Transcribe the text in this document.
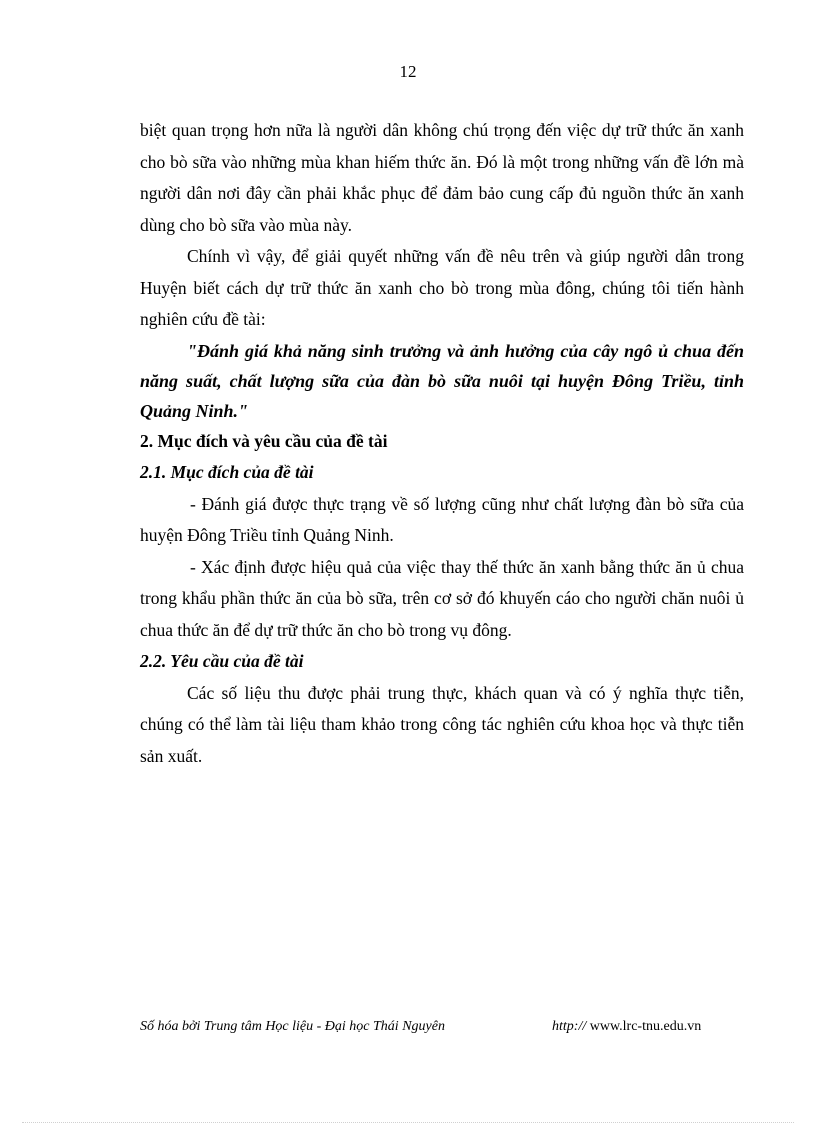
12

biệt quan trọng hơn nữa là người dân không chú trọng đến việc dự trữ thức ăn xanh cho bò sữa vào những mùa khan hiếm thức ăn. Đó là một trong những vấn đề lớn mà người dân nơi đây cần phải khắc phục để đảm bảo cung cấp đủ nguồn thức ăn xanh dùng cho bò sữa vào mùa này.

Chính vì vậy, để giải quyết những vấn đề nêu trên và giúp người dân trong Huyện biết cách dự trữ thức ăn xanh cho bò trong mùa đông, chúng tôi tiến hành nghiên cứu đề tài:

"Đánh giá khả năng sinh trưởng và ảnh hưởng của cây ngô ủ chua đến năng suất, chất lượng sữa của đàn bò sữa nuôi tại huyện Đông Triều, tỉnh Quảng Ninh."

2. Mục đích và yêu cầu của đề tài

2.1. Mục đích của đề tài

- Đánh giá được thực trạng về số lượng cũng như chất lượng đàn bò sữa của huyện Đông Triều tỉnh Quảng Ninh.

- Xác định được hiệu quả của việc thay thế thức ăn xanh bằng thức ăn ủ chua trong khẩu phần thức ăn của bò sữa, trên cơ sở đó khuyến cáo cho người chăn nuôi ủ chua thức ăn để dự trữ thức ăn cho bò trong vụ đông.

2.2. Yêu cầu của đề tài

Các số liệu thu được phải trung thực, khách quan và có ý nghĩa thực tiễn, chúng có thể làm tài liệu tham khảo trong công tác nghiên cứu khoa học và thực tiễn sản xuất.

Số hóa bởi Trung tâm Học liệu - Đại học Thái Nguyên	http:// www.lrc-tnu.edu.vn
